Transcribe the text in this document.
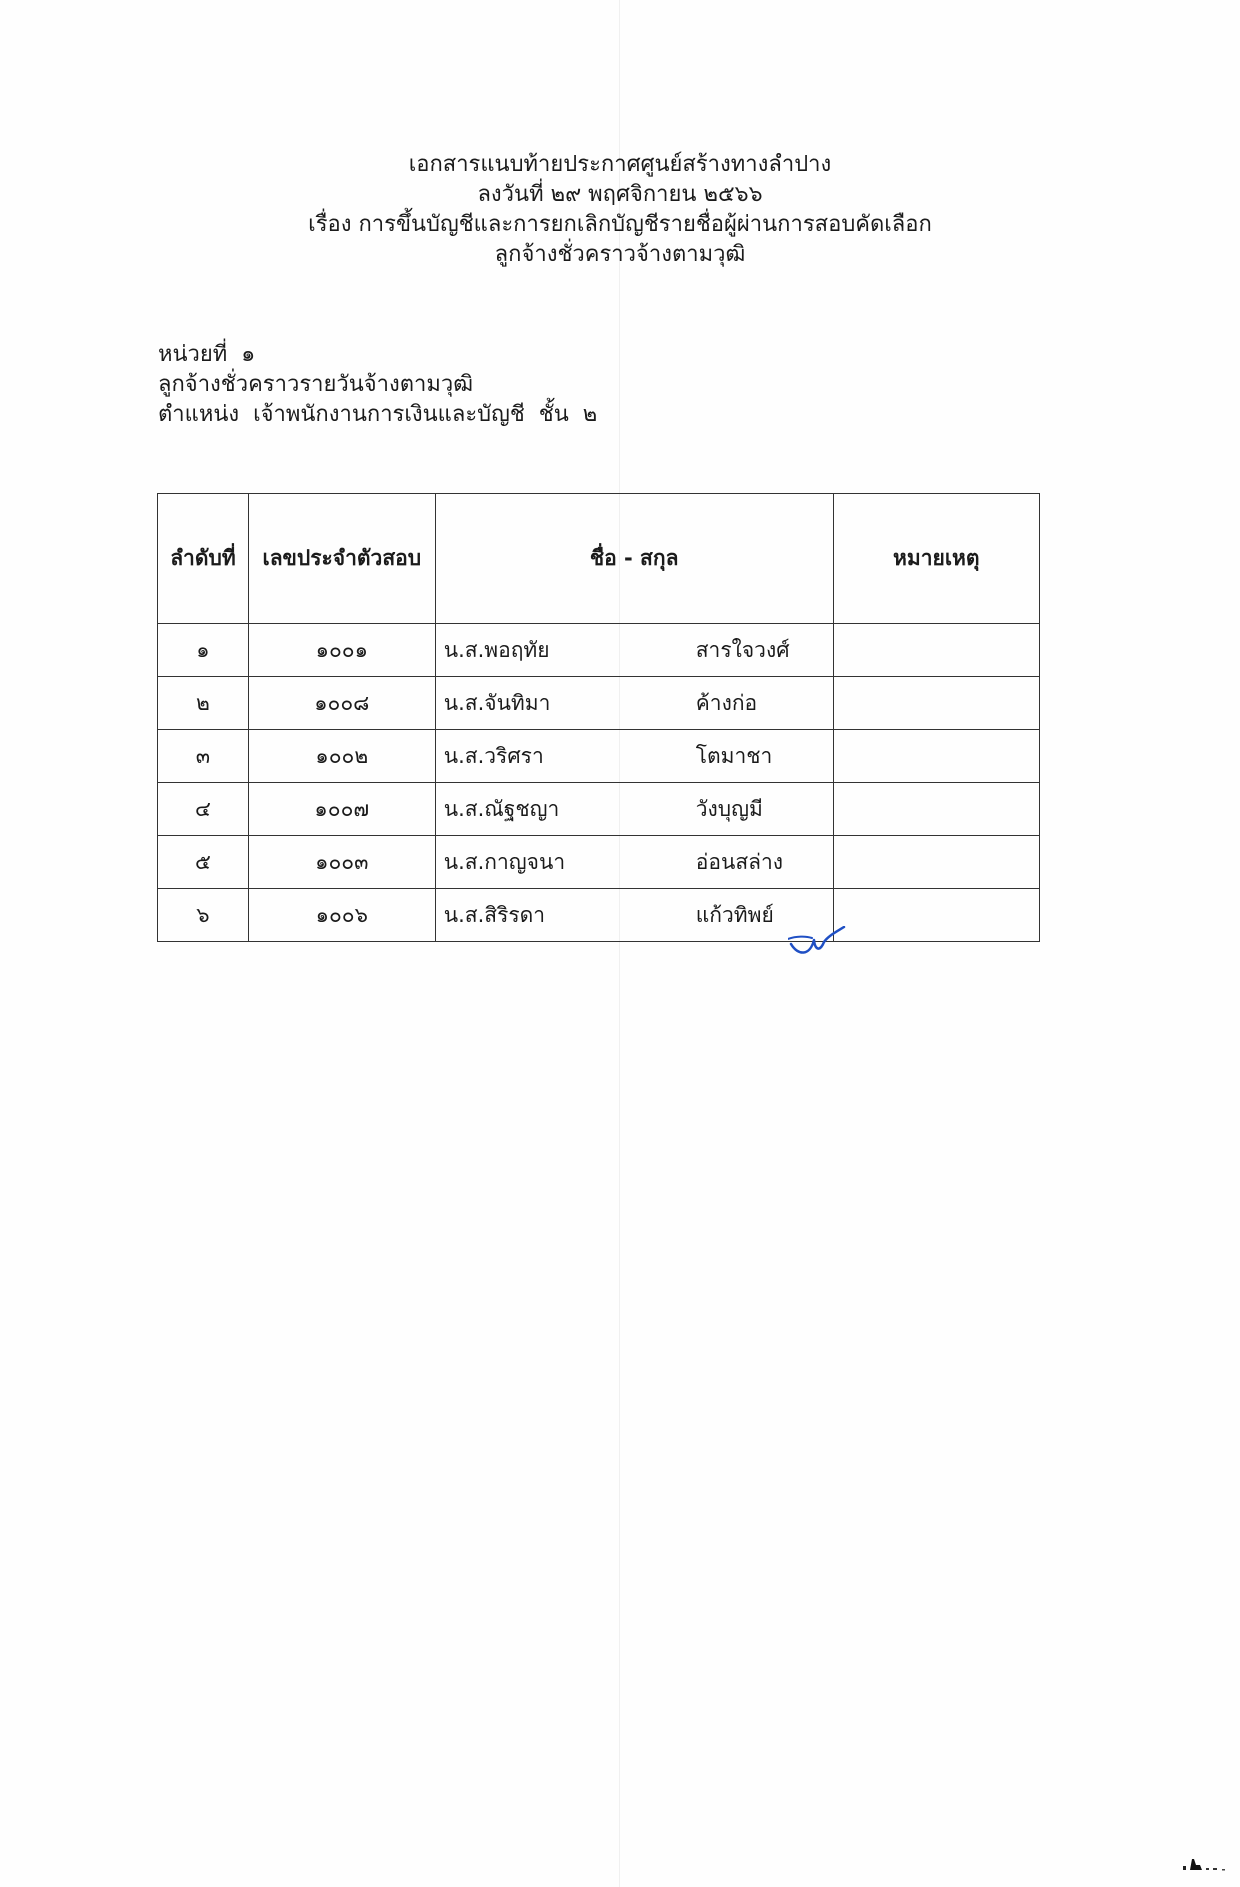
เอกสารแนบท้ายประกาศศูนย์สร้างทางลำปาง
ลงวันที่ ๒๙ พฤศจิกายน ๒๕๖๖
เรื่อง การขึ้นบัญชีและการยกเลิกบัญชีรายชื่อผู้ผ่านการสอบคัดเลือก
ลูกจ้างชั่วคราวจ้างตามวุฒิ
หน่วยที่ ๑
ลูกจ้างชั่วคราวรายวันจ้างตามวุฒิ
ตำแหน่ง เจ้าพนักงานการเงินและบัญชี ชั้น ๒
ลำดับที่	เลขประจำตัวสอบ	ชื่อ - สกุล	หมายเหตุ
๑	๑๐๐๑	น.ส.พอฤทัย สารใจวงศ์	

๒	๑๐๐๘	น.ส.จันทิมา ค้างก่อ	

๓	๑๐๐๒	น.ส.วริศรา โตมาชา	

๔	๑๐๐๗	น.ส.ณัฐชญา วังบุญมี	

๕	๑๐๐๓	น.ส.กาญจนา อ่อนสล่าง	

๖	๑๐๐๖	น.ส.สิริรดา แก้วทิพย์	
